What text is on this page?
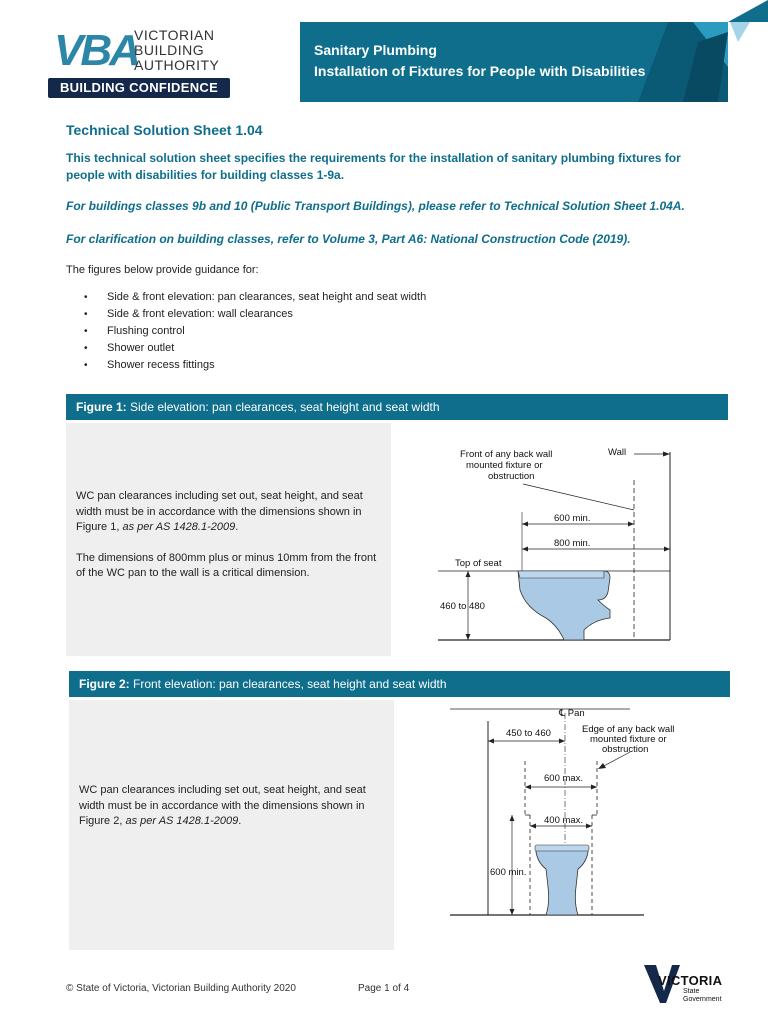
VBA
VICTORIAN
BUILDING
AUTHORITY
BUILDING CONFIDENCE
Sanitary Plumbing
Installation of Fixtures for People with Disabilities
Technical Solution Sheet 1.04
This technical solution sheet specifies the requirements for the installation of sanitary plumbing fixtures for people with disabilities for building classes 1-9a.
For buildings classes 9b and 10 (Public Transport Buildings), please refer to Technical Solution Sheet 1.04A.
For clarification on building classes, refer to Volume 3, Part A6: National Construction Code (2019).
The figures below provide guidance for:
• Side & front elevation: pan clearances, seat height and seat width
• Side & front elevation: wall clearances
• Flushing control
• Shower outlet
• Shower recess fittings
Figure 1: Side elevation: pan clearances, seat height and seat width

WC pan clearances including set out, seat height, and seat width must be in accordance with the dimensions shown in Figure 1, as per AS 1428.1-2009.

The dimensions of 800mm plus or minus 10mm from the front of the WC pan to the wall is a critical dimension.

Front of any back wall
mounted fixture or
obstruction
Wall
600 min.
800 min.
Top of seat
460 to 480
Figure 2: Front elevation: pan clearances, seat height and seat width

WC pan clearances including set out, seat height, and seat width must be in accordance with the dimensions shown in Figure 2, as per AS 1428.1-2009.

℄ Pan
450 to 460	Edge of any back wall
mounted fixture or
obstruction
600 max.
400 max.
600 min.
© State of Victoria, Victorian Building Authority 2020	Page 1 of 4
VICTORIA
State
Government
